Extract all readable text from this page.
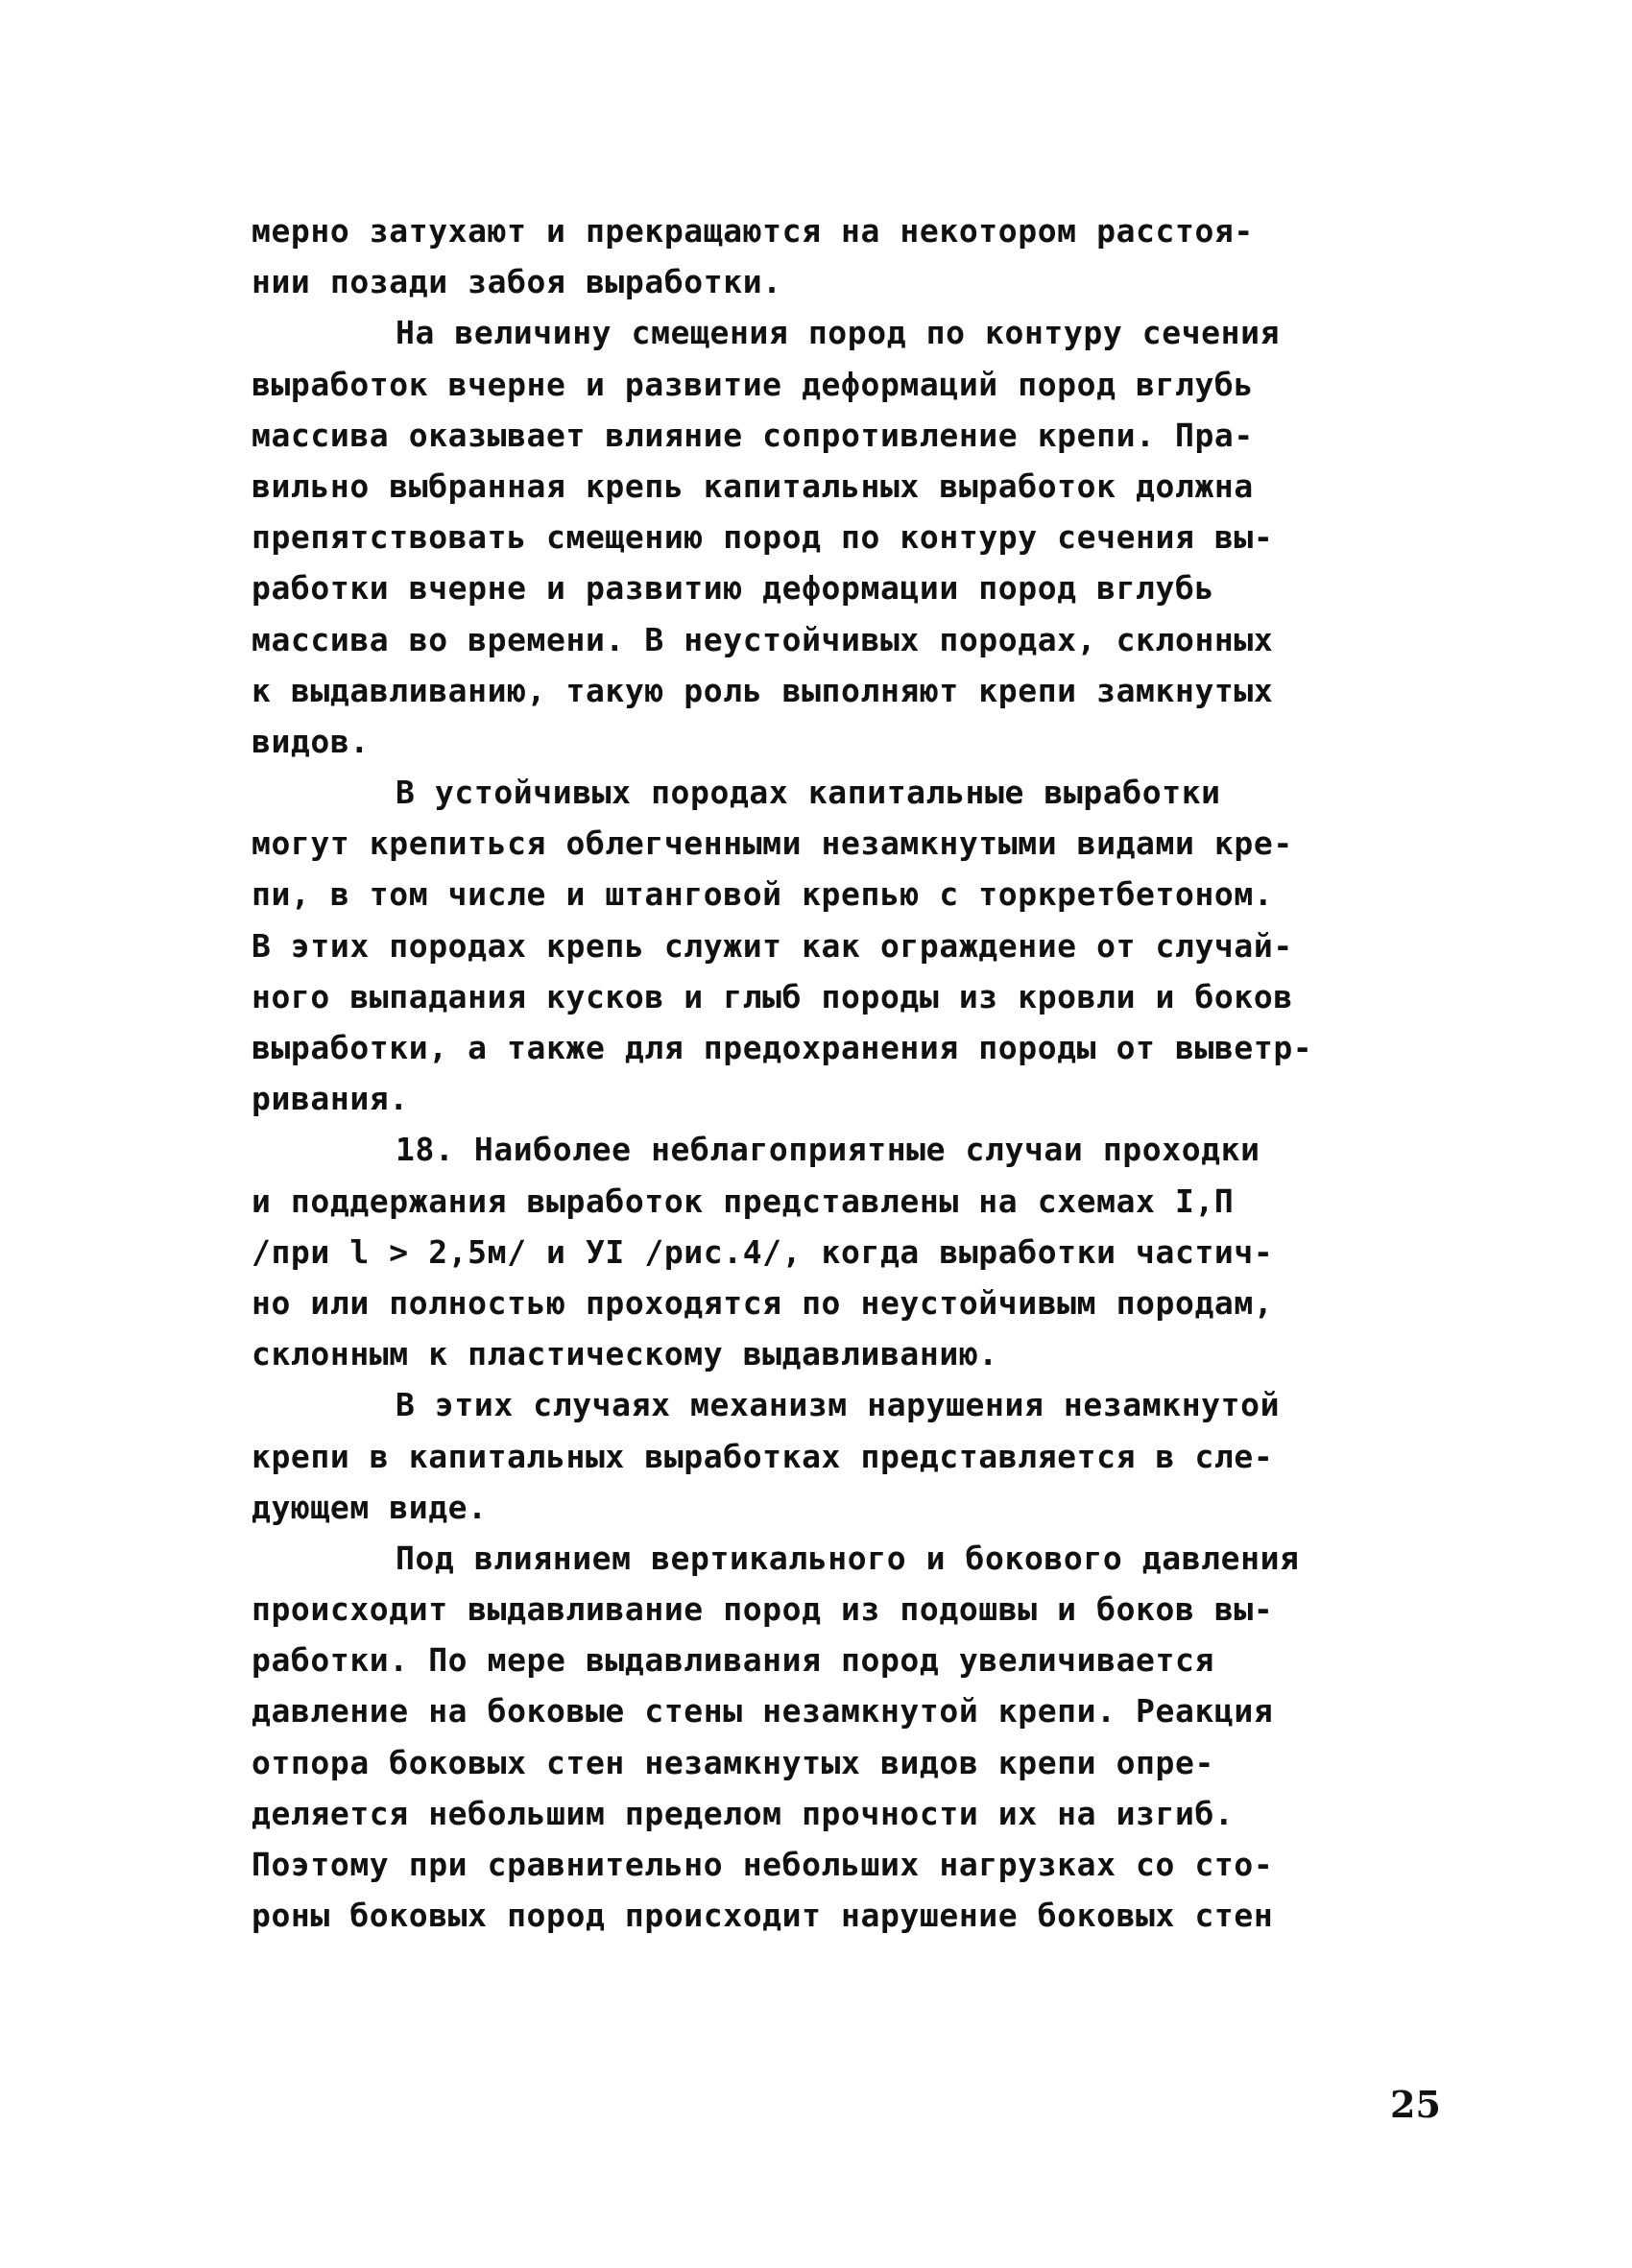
мерно затухают и прекращаются на некотором расстоя-
нии позади забоя выработки.
На величину смещения пород по контуру сечения
выработок вчерне и развитие деформаций пород вглубь
массива оказывает влияние сопротивление крепи. Пра-
вильно выбранная крепь капитальных выработок должна
препятствовать смещению пород по контуру сечения вы-
работки вчерне и развитию деформации пород вглубь
массива во времени. В неустойчивых породах, склонных
к выдавливанию, такую роль выполняют крепи замкнутых
видов.
В устойчивых породах капитальные выработки
могут крепиться облегченными незамкнутыми видами кре-
пи, в том числе и штанговой крепью с торкретбетоном.
В этих породах крепь служит как ограждение от случай-
ного выпадания кусков и глыб породы из кровли и боков
выработки, а также для предохранения породы от выветр-
ривания.
18. Наиболее неблагоприятные случаи проходки
и поддержания выработок представлены на схемах I,П
/при l > 2,5м/ и УI /рис.4/, когда выработки частич-
но или полностью проходятся по неустойчивым породам,
склонным к пластическому выдавливанию.
В этих случаях механизм нарушения незамкнутой
крепи в капитальных выработках представляется в сле-
дующем виде.
Под влиянием вертикального и бокового давления
происходит выдавливание пород из подошвы и боков вы-
работки. По мере выдавливания пород увеличивается
давление на боковые стены незамкнутой крепи. Реакция
отпора боковых стен незамкнутых видов крепи опре-
деляется небольшим пределом прочности их на изгиб.
Поэтому при сравнительно небольших нагрузках со сто-
роны боковых пород происходит нарушение боковых стен
25
